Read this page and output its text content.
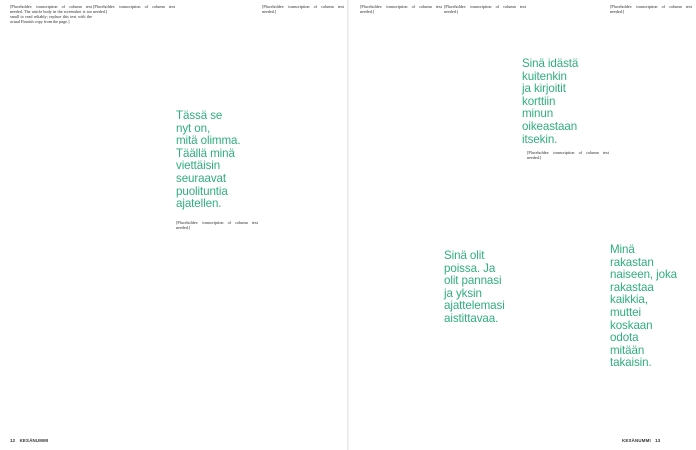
[Placeholder: transcription of column text needed. The article body in the screenshot is too small to read reliably; replace this text with the actual Finnish copy from the page.]

[Placeholder: transcription of column text needed.]

Tässä se
nyt on,
mitä olimma.
Täällä minä
viettäisin
seuraavat
puolituntia
ajatellen.

[Placeholder: transcription of column text needed.]

[Placeholder: transcription of column text needed.]

12 KESÄNUMMI

[Placeholder: transcription of column text needed.]

[Placeholder: transcription of column text needed.]

Sinä idästä
kuitenkin
ja kirjoitit
korttiin
minun
oikeastaan
itsekin.

[Placeholder: transcription of column text needed.]

[Placeholder: transcription of column text needed.]

Sinä olit
poissa. Ja
olit pannasi
ja yksin
ajattelemasi
aistittavaa.
Minä
rakastan
naiseen, joka
rakastaa
kaikkia,
muttei
koskaan
odota
mitään
takaisin.
KESÄNUMMI 13
